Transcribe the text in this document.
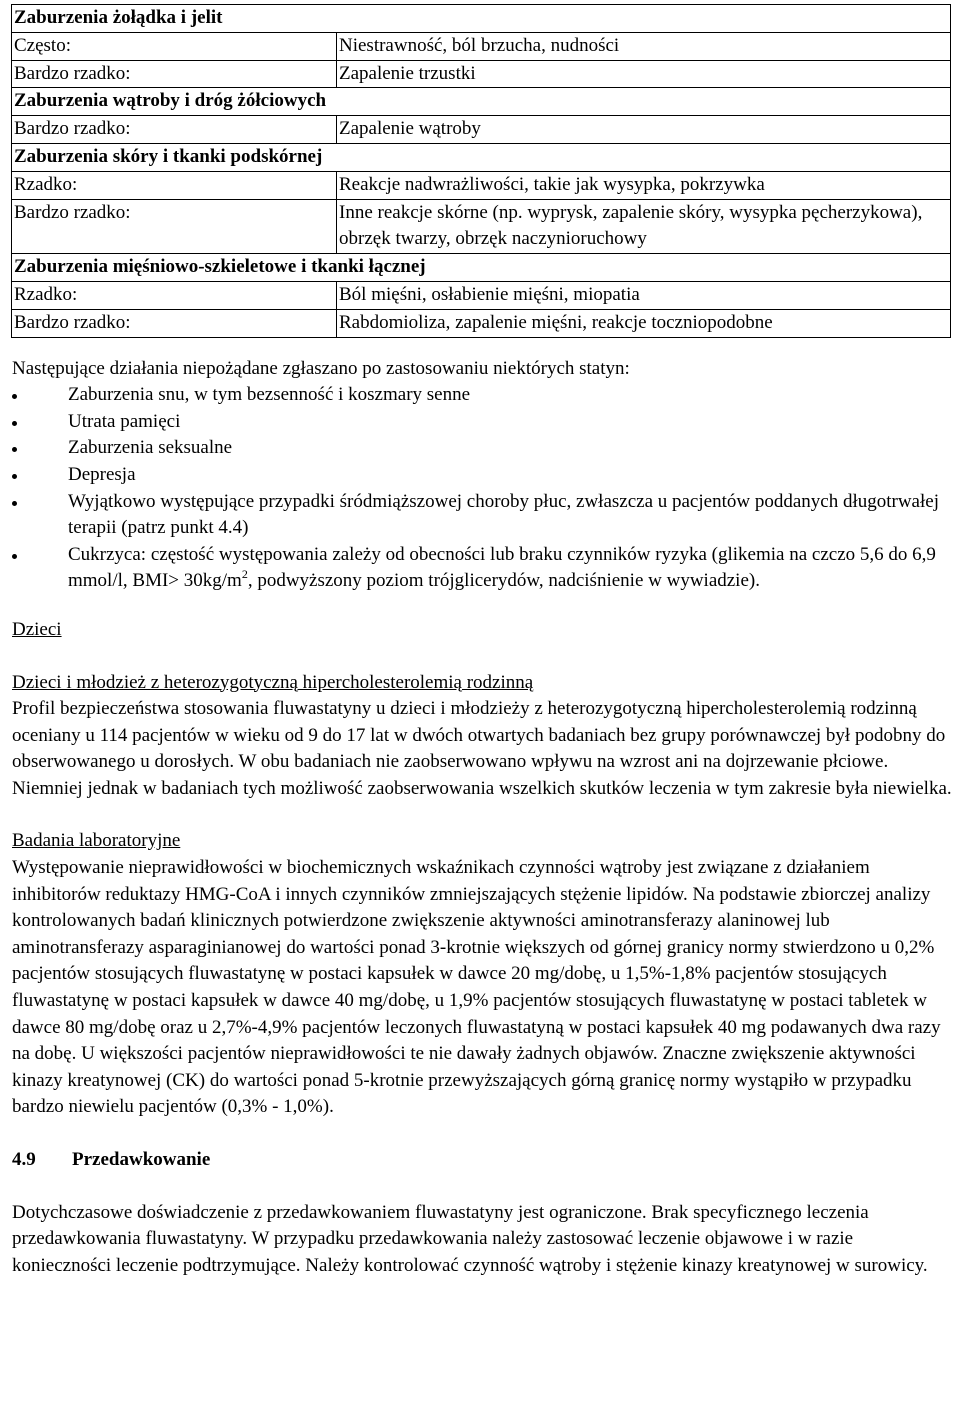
Zaburzenia żołądka i jelit	
Często:	Niestrawność, ból brzucha, nudności
Bardzo rzadko:	Zapalenie trzustki
Zaburzenia wątroby i dróg żółciowych	
Bardzo rzadko:	Zapalenie wątroby
Zaburzenia skóry i tkanki podskórnej	
Rzadko:	Reakcje nadwrażliwości, takie jak wysypka, pokrzywka
Bardzo rzadko:	Inne reakcje skórne (np. wyprysk, zapalenie skóry, wysypka pęcherzykowa), obrzęk twarzy, obrzęk naczynioruchowy
Zaburzenia mięśniowo-szkieletowe i tkanki łącznej	
Rzadko:	Ból mięśni, osłabienie mięśni, miopatia
Bardzo rzadko:	Rabdomioliza, zapalenie mięśni, reakcje toczniopodobne

Następujące działania niepożądane zgłaszano po zastosowaniu niektórych statyn:

Zaburzenia snu, w tym bezsenność i koszmary senne
Utrata pamięci
Zaburzenia seksualne
Depresja
Wyjątkowo występujące przypadki śródmiąższowej choroby płuc, zwłaszcza u pacjentów poddanych długotrwałej terapii (patrz punkt 4.4)
Cukrzyca: częstość występowania zależy od obecności lub braku czynników ryzyka (glikemia na czczo 5,6 do 6,9 mmol/l, $BMI> 30kg/m^2$, podwyższony poziom trójglicerydów, nadciśnienie w wywiadzie).

Dzieci

Dzieci i młodzież z heterozygotyczną hipercholesterolemią rodzinną

Profil bezpieczeństwa stosowania fluwastatyny u dzieci i młodzieży z heterozygotyczną hipercholesterolemią rodzinną oceniany u 114 pacjentów w wieku od 9 do 17 lat w dwóch otwartych badaniach bez grupy porównawczej był podobny do obserwowanego u dorosłych. W obu badaniach nie zaobserwowano wpływu na wzrost ani na dojrzewanie płciowe. Niemniej jednak w badaniach tych możliwość zaobserwowania wszelkich skutków leczenia w tym zakresie była niewielka.

Badania laboratoryjne

Występowanie nieprawidłowości w biochemicznych wskaźnikach czynności wątroby jest związane z działaniem inhibitorów reduktazy HMG-CoA i innych czynników zmniejszających stężenie lipidów. Na podstawie zbiorczej analizy kontrolowanych badań klinicznych potwierdzone zwiększenie aktywności aminotransferazy alaninowej lub aminotransferazy asparaginianowej do wartości ponad 3-krotnie większych od górnej granicy normy stwierdzono u 0,2% pacjentów stosujących fluwastatynę w postaci kapsułek w dawce 20 mg/dobę, u 1,5%-1,8% pacjentów stosujących fluwastatynę w postaci kapsułek w dawce 40 mg/dobę, u 1,9% pacjentów stosujących fluwastatynę w postaci tabletek w dawce 80 mg/dobę oraz u 2,7%-4,9% pacjentów leczonych fluwastatyną w postaci kapsułek 40 mg podawanych dwa razy na dobę. U większości pacjentów nieprawidłowości te nie dawały żadnych objawów. Znaczne zwiększenie aktywności kinazy kreatynowej (CK) do wartości ponad 5-krotnie przewyższających górną granicę normy wystąpiło w przypadku bardzo niewielu pacjentów (0,3% - 1,0%).

4.9 Przedawkowanie

Dotychczasowe doświadczenie z przedawkowaniem fluwastatyny jest ograniczone. Brak specyficznego leczenia przedawkowania fluwastatyny. W przypadku przedawkowania należy zastosować leczenie objawowe i w razie konieczności leczenie podtrzymujące. Należy kontrolować czynność wątroby i stężenie kinazy kreatynowej w surowicy.
